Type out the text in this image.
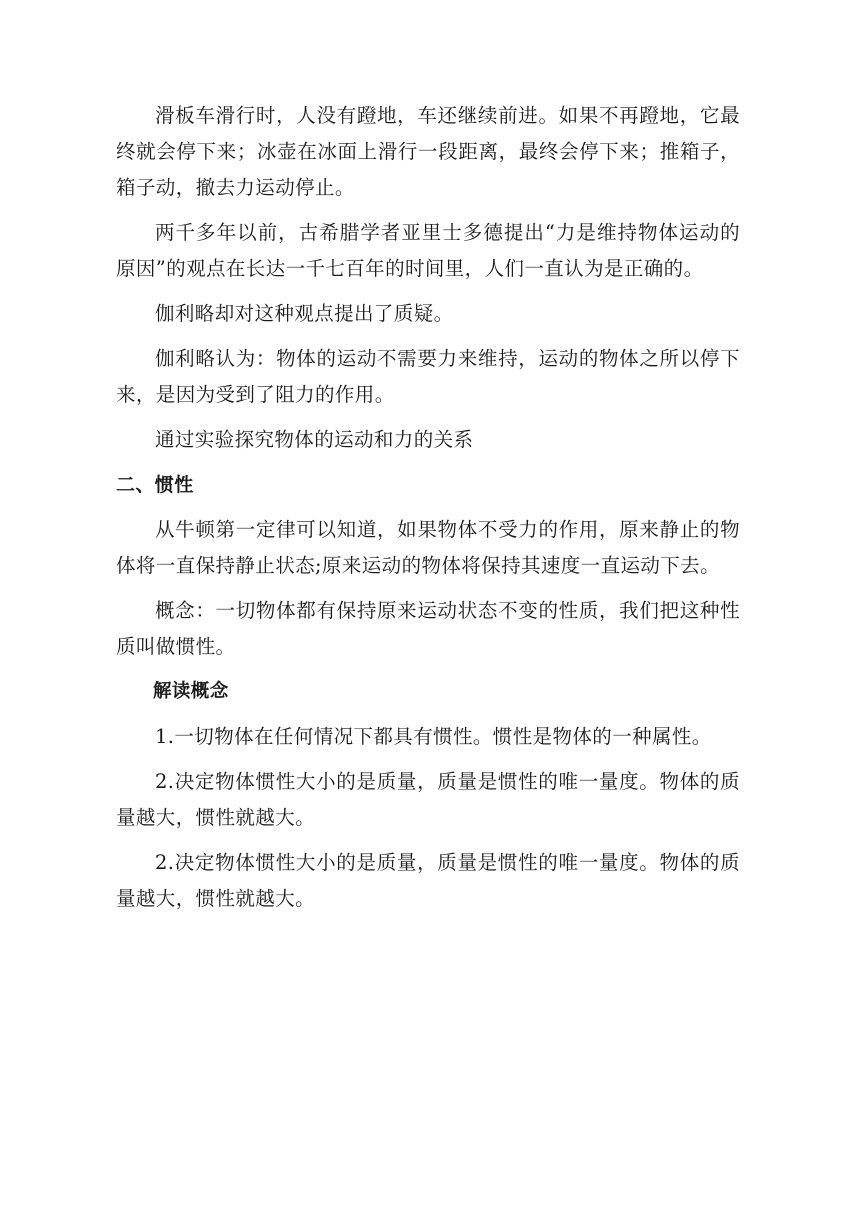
滑板车滑行时，人没有蹬地，车还继续前进。如果不再蹬地，它最终就会停下来；冰壶在冰面上滑行一段距离，最终会停下来；推箱子，箱子动，撤去力运动停止。

两千多年以前，古希腊学者亚里士多德提出“力是维持物体运动的原因”的观点在长达一千七百年的时间里，人们一直认为是正确的。

伽利略却对这种观点提出了质疑。

伽利略认为：物体的运动不需要力来维持，运动的物体之所以停下来，是因为受到了阻力的作用。

通过实验探究物体的运动和力的关系

二、惯性

从牛顿第一定律可以知道，如果物体不受力的作用，原来静止的物体将一直保持静止状态;原来运动的物体将保持其速度一直运动下去。

概念：一切物体都有保持原来运动状态不变的性质，我们把这种性质叫做惯性。

解读概念

1.一切物体在任何情况下都具有惯性。惯性是物体的一种属性。

2.决定物体惯性大小的是质量，质量是惯性的唯一量度。物体的质量越大，惯性就越大。

2.决定物体惯性大小的是质量，质量是惯性的唯一量度。物体的质量越大，惯性就越大。
